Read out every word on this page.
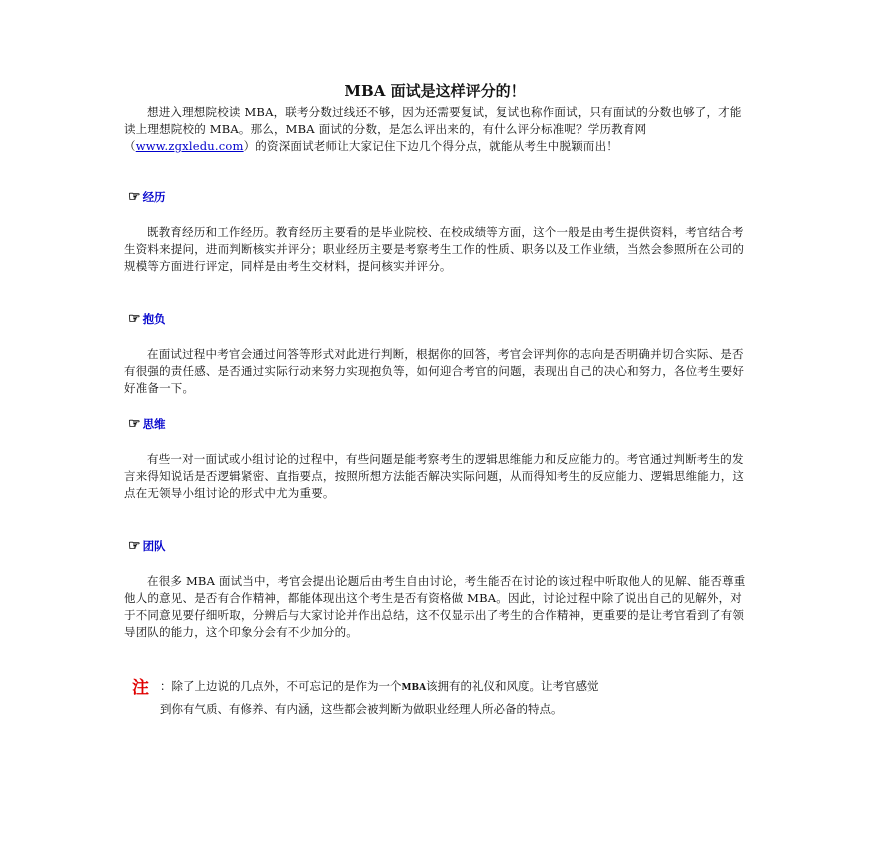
MBA 面试是这样评分的！

想进入理想院校读 MBA，联考分数过线还不够，因为还需要复试，复试也称作面试，只有面试的分数也够了，才能读上理想院校的 MBA。那么，MBA 面试的分数，是怎么评出来的，有什么评分标准呢？学历教育网（www.zgxledu.com）的资深面试老师让大家记住下边几个得分点，就能从考生中脱颖而出！

☞ 经历

既教育经历和工作经历。教育经历主要看的是毕业院校、在校成绩等方面，这个一般是由考生提供资料，考官结合考生资料来提问，进而判断核实并评分；职业经历主要是考察考生工作的性质、职务以及工作业绩，当然会参照所在公司的规模等方面进行评定，同样是由考生交材料，提问核实并评分。

☞ 抱负

在面试过程中考官会通过问答等形式对此进行判断，根据你的回答，考官会评判你的志向是否明确并切合实际、是否有很强的责任感、是否通过实际行动来努力实现抱负等，如何迎合考官的问题，表现出自己的决心和努力，各位考生要好好准备一下。

☞ 思维

有些一对一面试或小组讨论的过程中，有些问题是能考察考生的逻辑思维能力和反应能力的。考官通过判断考生的发言来得知说话是否逻辑紧密、直指要点，按照所想方法能否解决实际问题，从而得知考生的反应能力、逻辑思维能力，这点在无领导小组讨论的形式中尤为重要。

☞ 团队

在很多 MBA 面试当中，考官会提出论题后由考生自由讨论，考生能否在讨论的该过程中听取他人的见解、能否尊重他人的意见、是否有合作精神，都能体现出这个考生是否有资格做 MBA。因此，讨论过程中除了说出自己的见解外，对于不同意见要仔细听取，分辨后与大家讨论并作出总结，这不仅显示出了考生的合作精神，更重要的是让考官看到了有领导团队的能力，这个印象分会有不少加分的。

注 ：除了上边说的几点外，不可忘记的是作为一个MBA该拥有的礼仪和风度。让考官感觉
到你有气质、有修养、有内涵，这些都会被判断为做职业经理人所必备的特点。
